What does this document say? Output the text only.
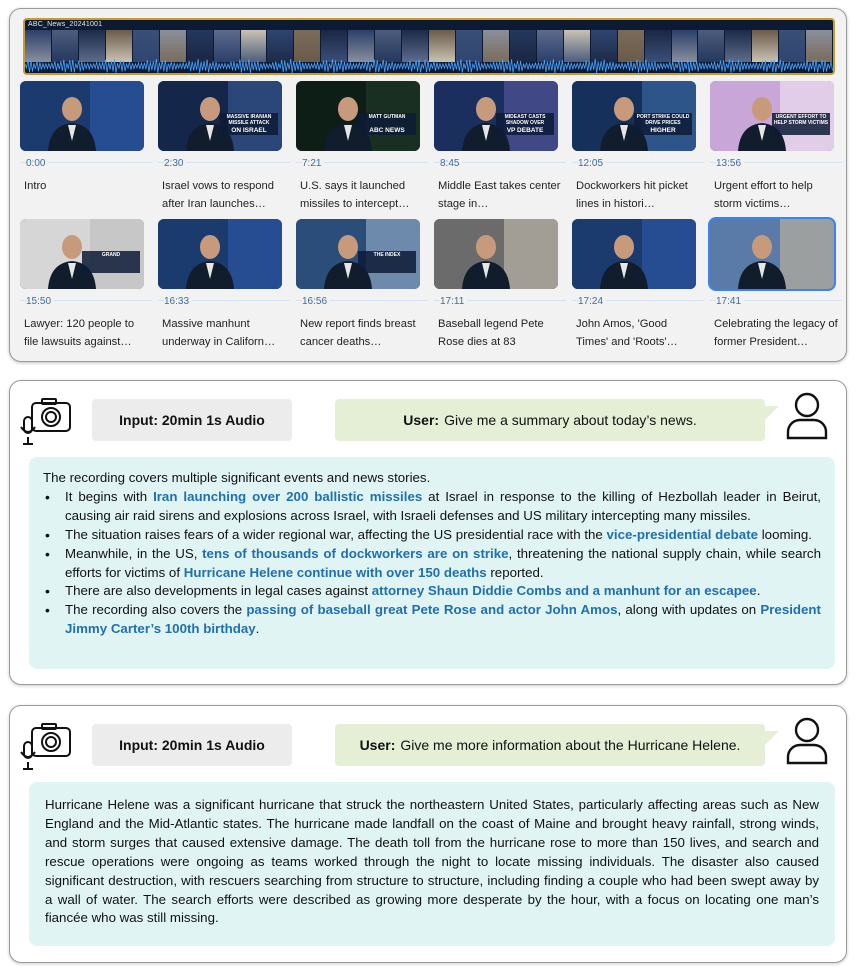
ABC_News_20241001
0:00
Intro
MASSIVE IRANIAN MISSILE ATTACK
ON ISRAEL
2:30
Israel vows to respond after Iran launches…
MATT GUTMAN
ABC NEWS
7:21
U.S. says it launched missiles to intercept…
MIDEAST CASTS SHADOW OVER
VP DEBATE
8:45
Middle East takes center stage in…
PORT STRIKE COULD DRIVE PRICES
HIGHER
12:05
Dockworkers hit picket lines in histori…
URGENT EFFORT TO HELP STORM VICTIMS
13:56
Urgent effort to help storm victims…
GRAND
15:50
Lawyer: 120 people to file lawsuits against…
16:33
Massive manhunt underway in Californ…
THE INDEX
16:56
New report finds breast cancer deaths…
17:11
Baseball legend Pete Rose dies at 83
17:24
John Amos, 'Good Times' and 'Roots'…
17:41
Celebrating the legacy of former President…
Input: 20min 1s Audio	User: Give me a summary about today’s news.
The recording covers multiple significant events and news stories.
• It begins with Iran launching over 200 ballistic missiles at Israel in response to the killing of Hezbollah leader in Beirut, causing air raid sirens and explosions across Israel, with Israeli defenses and US military intercepting many missiles.
• The situation raises fears of a wider regional war, affecting the US presidential race with the vice-presidential debate looming.
• Meanwhile, in the US, tens of thousands of dockworkers are on strike, threatening the national supply chain, while search efforts for victims of Hurricane Helene continue with over 150 deaths reported.
• There are also developments in legal cases against attorney Shaun Diddie Combs and a manhunt for an escapee.
• The recording also covers the passing of baseball great Pete Rose and actor John Amos, along with updates on President Jimmy Carter’s 100th birthday.
Input: 20min 1s Audio	User: Give me more information about the Hurricane Helene.
Hurricane Helene was a significant hurricane that struck the northeastern United States, particularly affecting areas such as New England and the Mid-Atlantic states. The hurricane made landfall on the coast of Maine and brought heavy rainfall, strong winds, and storm surges that caused extensive damage. The death toll from the hurricane rose to more than 150 lives, and search and rescue operations were ongoing as teams worked through the night to locate missing individuals. The disaster also caused significant destruction, with rescuers searching from structure to structure, including finding a couple who had been swept away by a wall of water. The search efforts were described as growing more desperate by the hour, with a focus on locating one man’s fiancée who was still missing.
